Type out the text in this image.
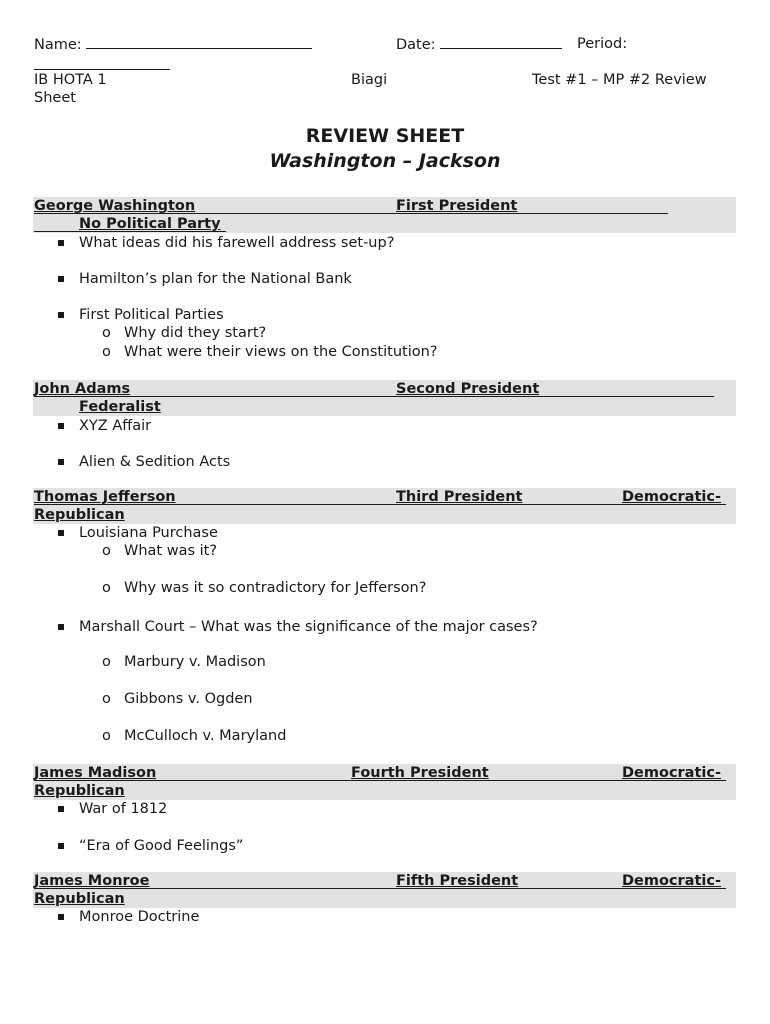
Name:	Date:	Period:
IB HOTA 1	Biagi	Test #1 – MP #2 Review
Sheet
REVIEW SHEET
Washington – Jackson
George Washington	First President
No Political Party
What ideas did his farewell address set-up?
Hamilton’s plan for the National Bank
First Political Parties
o Why did they start?
o What were their views on the Constitution?
John Adams	Second President
Federalist
XYZ Affair
Alien & Sedition Acts
Thomas Jefferson	Third President	Democratic-
Republican
Louisiana Purchase
o What was it?
o Why was it so contradictory for Jefferson?
Marshall Court – What was the significance of the major cases?
o Marbury v. Madison
o Gibbons v. Ogden
o McCulloch v. Maryland
James Madison	Fourth President	Democratic-
Republican
War of 1812
“Era of Good Feelings”
James Monroe	Fifth President	Democratic-
Republican
Monroe Doctrine
